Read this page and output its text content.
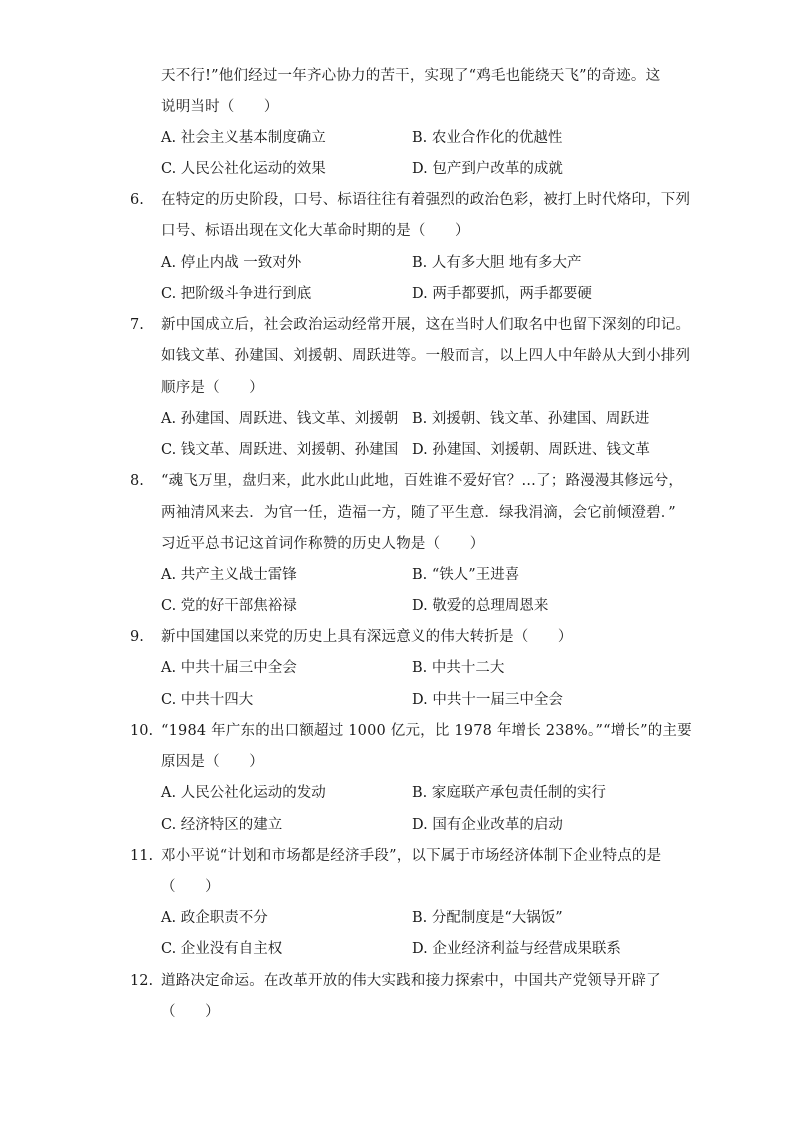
天不行!”他们经过一年齐心协力的苦干，实现了“鸡毛也能绕天飞”的奇迹。这
说明当时（　　）
A. 社会主义基本制度确立	B. 农业合作化的优越性
C. 人民公社化运动的效果	D. 包产到户改革的成就
6. 在特定的历史阶段，口号、标语往往有着强烈的政治色彩，被打上时代烙印，下列
口号、标语出现在文化大革命时期的是（　　）
A. 停止内战 一致对外	B. 人有多大胆 地有多大产
C. 把阶级斗争进行到底	D. 两手都要抓，两手都要硬
7. 新中国成立后，社会政治运动经常开展，这在当时人们取名中也留下深刻的印记。
如钱文革、孙建国、刘援朝、周跃进等。一般而言，以上四人中年龄从大到小排列
顺序是（　　）
A. 孙建国、周跃进、钱文革、刘援朝 B. 刘援朝、钱文革、孙建国、周跃进
C. 钱文革、周跃进、刘援朝、孙建国 D. 孙建国、刘援朝、周跃进、钱文革
8. “魂飞万里，盘归来，此水此山此地，百姓谁不爱好官？…了；路漫漫其修远兮，
两袖清风来去．为官一任，造福一方，随了平生意．绿我涓滴，会它前倾澄碧．”
习近平总书记这首词作称赞的历史人物是（　　）
A. 共产主义战士雷锋	B. “铁人”王进喜
C. 党的好干部焦裕禄	D. 敬爱的总理周恩来
9. 新中国建国以来党的历史上具有深远意义的伟大转折是（　　）
A. 中共十届三中全会	B. 中共十二大
C. 中共十四大	D. 中共十一届三中全会
10. “1984 年广东的出口额超过 1000 亿元，比 1978 年增长 238%。”“增长”的主要
原因是（　　）
A. 人民公社化运动的发动	B. 家庭联产承包责任制的实行
C. 经济特区的建立	D. 国有企业改革的启动
11. 邓小平说“计划和市场都是经济手段”，以下属于市场经济体制下企业特点的是
（　　）
A. 政企职责不分	B. 分配制度是“大锅饭”
C. 企业没有自主权	D. 企业经济利益与经营成果联系
12. 道路决定命运。在改革开放的伟大实践和接力探索中，中国共产党领导开辟了
（　　）
